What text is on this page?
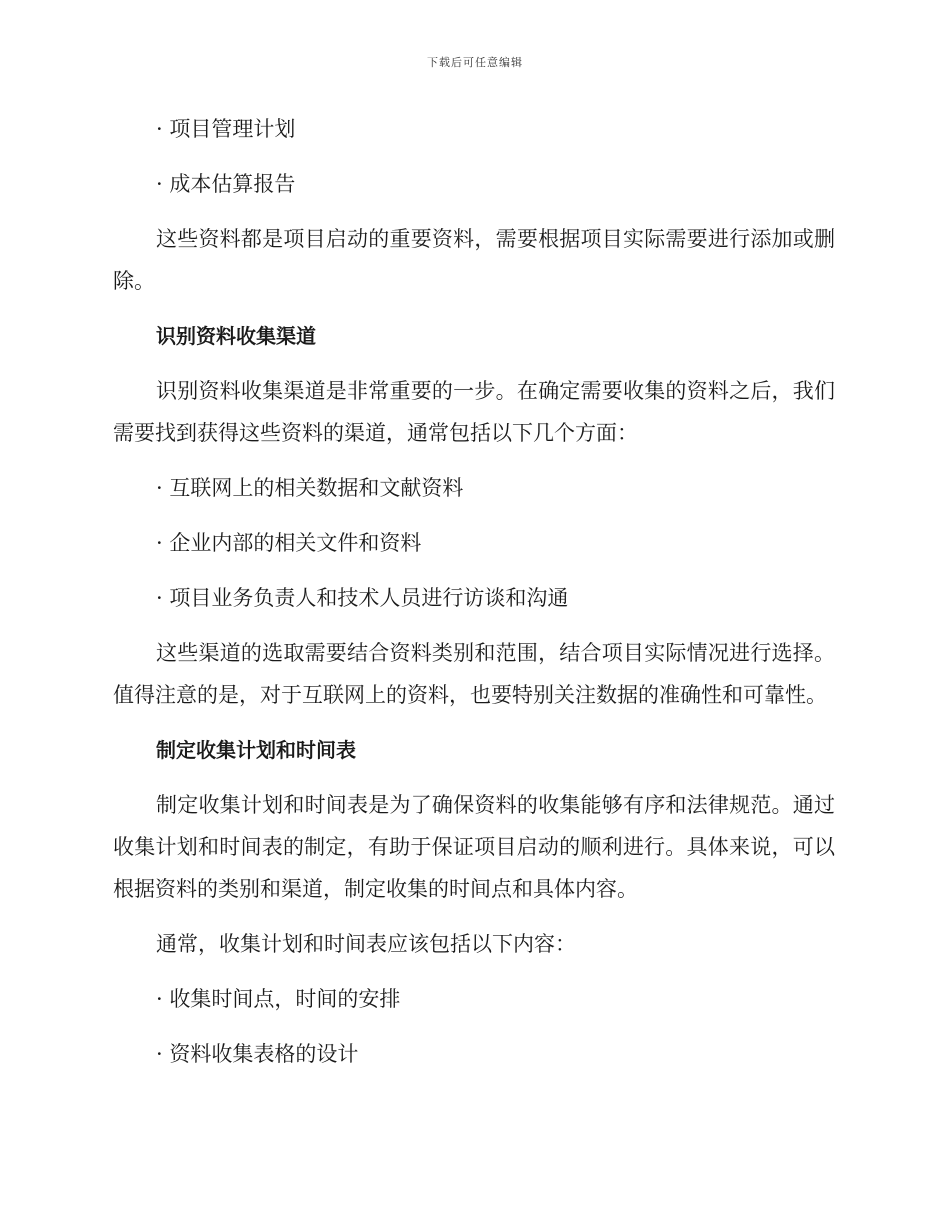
下载后可任意编辑

· 项目管理计划

· 成本估算报告

这些资料都是项目启动的重要资料，需要根据项目实际需要进行添加或删除。

识别资料收集渠道

识别资料收集渠道是非常重要的一步。在确定需要收集的资料之后，我们需要找到获得这些资料的渠道，通常包括以下几个方面：

· 互联网上的相关数据和文献资料

· 企业内部的相关文件和资料

· 项目业务负责人和技术人员进行访谈和沟通

这些渠道的选取需要结合资料类别和范围，结合项目实际情况进行选择。值得注意的是，对于互联网上的资料，也要特别关注数据的准确性和可靠性。

制定收集计划和时间表

制定收集计划和时间表是为了确保资料的收集能够有序和法律规范。通过收集计划和时间表的制定，有助于保证项目启动的顺利进行。具体来说，可以根据资料的类别和渠道，制定收集的时间点和具体内容。

通常，收集计划和时间表应该包括以下内容：

· 收集时间点，时间的安排

· 资料收集表格的设计
